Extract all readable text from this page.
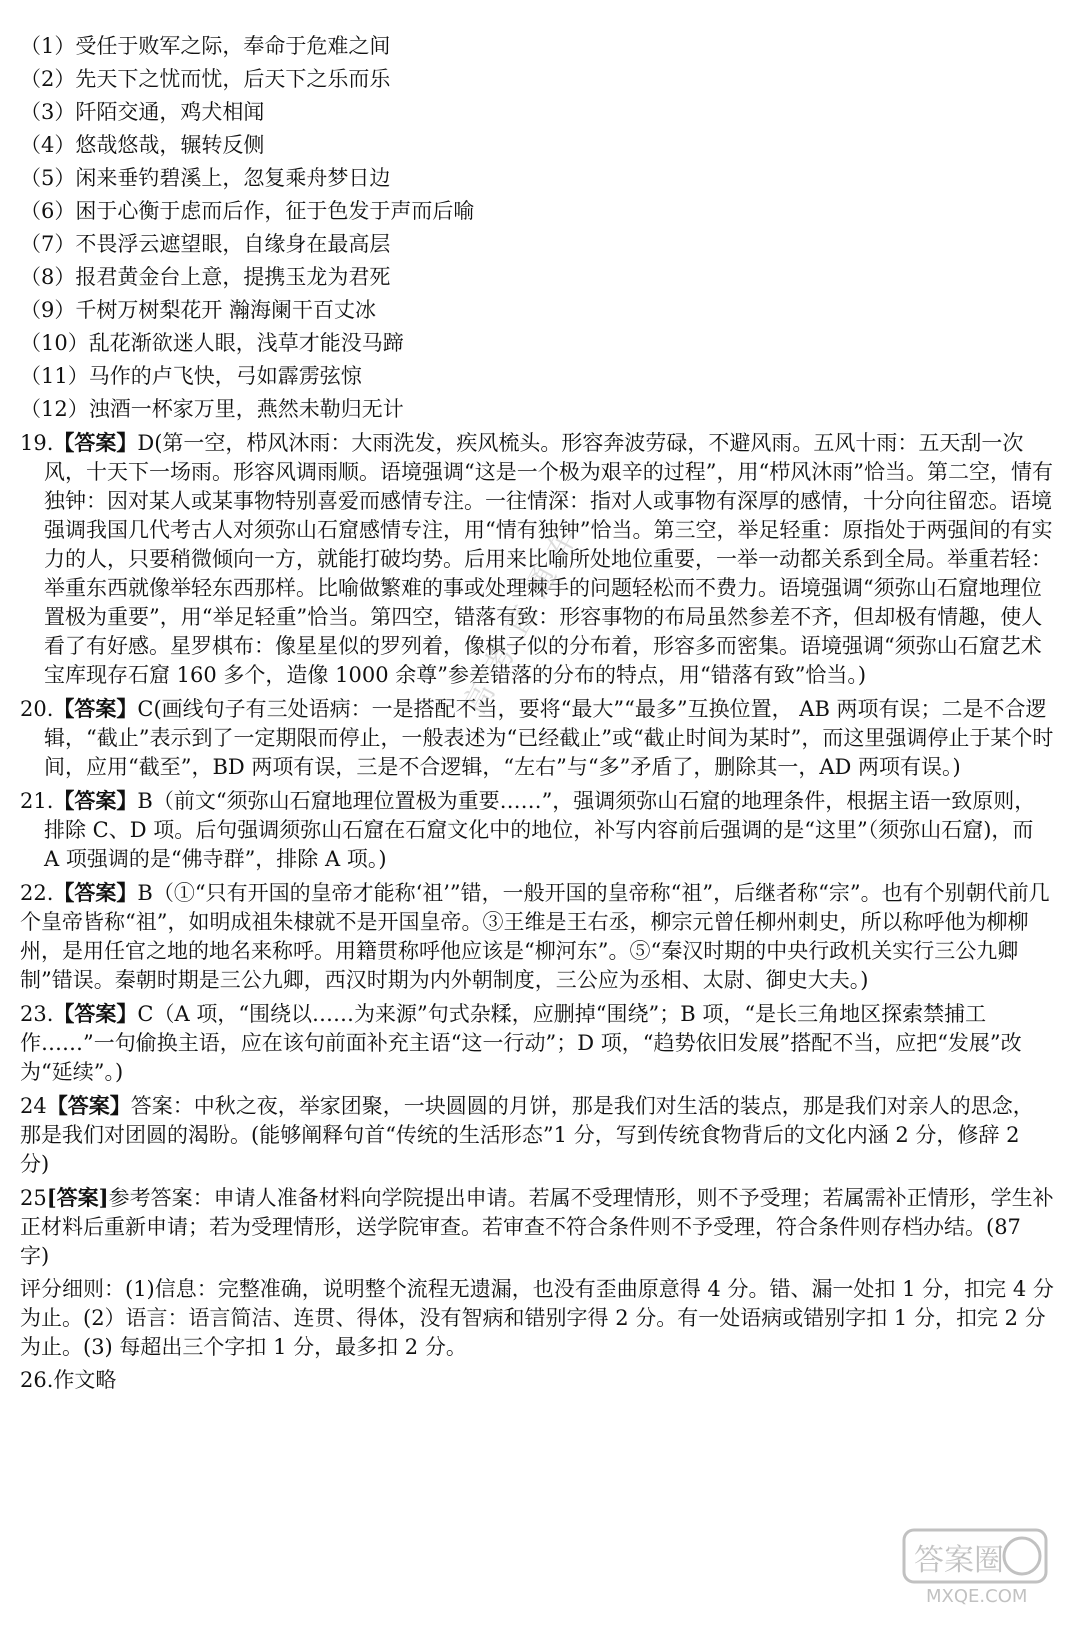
（1）受任于败军之际，奉命于危难之间
（2）先天下之忧而忧，后天下之乐而乐
（3）阡陌交通，鸡犬相闻
（4）悠哉悠哉，辗转反侧
（5）闲来垂钓碧溪上，忽复乘舟梦日边
（6）困于心衡于虑而后作，征于色发于声而后喻
（7）不畏浮云遮望眼，自缘身在最高层
（8）报君黄金台上意，提携玉龙为君死
（9）千树万树梨花开 瀚海阑干百丈冰
（10）乱花渐欲迷人眼，浅草才能没马蹄
（11）马作的卢飞快，弓如霹雳弦惊
（12）浊酒一杯家万里，燕然未勒归无计
19.【答案】D(第一空，栉风沐雨：大雨洗发，疾风梳头。形容奔波劳碌，不避风雨。五风十雨：五天刮一次风，十天下一场雨。形容风调雨顺。语境强调“这是一个极为艰辛的过程”，用“栉风沐雨”恰当。第二空，情有独钟：因对某人或某事物特别喜爱而感情专注。一往情深：指对人或事物有深厚的感情，十分向往留恋。语境强调我国几代考古人对须弥山石窟感情专注，用“情有独钟”恰当。第三空，举足轻重：原指处于两强间的有实力的人，只要稍微倾向一方，就能打破均势。后用来比喻所处地位重要，一举一动都关系到全局。举重若轻：举重东西就像举轻东西那样。比喻做繁难的事或处理棘手的问题轻松而不费力。语境强调“须弥山石窟地理位置极为重要”，用“举足轻重”恰当。第四空，错落有致：形容事物的布局虽然参差不齐，但却极有情趣，使人看了有好感。星罗棋布：像星星似的罗列着，像棋子似的分布着，形容多而密集。语境强调“须弥山石窟艺术宝库现存石窟 160 多个，造像 1000 余尊”参差错落的分布的特点，用“错落有致”恰当。)
20.【答案】C(画线句子有三处语病：一是搭配不当，要将“最大”“最多”互换位置， AB 两项有误；二是不合逻辑，“截止”表示到了一定期限而停止，一般表述为“已经截止”或“截止时间为某时”，而这里强调停止于某个时间，应用“截至”，BD 两项有误，三是不合逻辑，“左右”与“多”矛盾了，删除其一，AD 两项有误。)
21.【答案】B（前文“须弥山石窟地理位置极为重要……”，强调须弥山石窟的地理条件，根据主语一致原则，排除 C、D 项。后句强调须弥山石窟在石窟文化中的地位，补写内容前后强调的是“这里”（须弥山石窟)，而 A 项强调的是“佛寺群”，排除 A 项。)
22.【答案】B（①“只有开国的皇帝才能称‘祖’”错，一般开国的皇帝称“祖”，后继者称“宗”。也有个别朝代前几个皇帝皆称“祖”，如明成祖朱棣就不是开国皇帝。③王维是王右丞，柳宗元曾任柳州刺史，所以称呼他为柳柳州，是用任官之地的地名来称呼。用籍贯称呼他应该是“柳河东”。⑤“秦汉时期的中央行政机关实行三公九卿制”错误。秦朝时期是三公九卿，西汉时期为内外朝制度，三公应为丞相、太尉、御史大夫。)
23.【答案】C（A 项，“围绕以……为来源”句式杂糅，应删掉“围绕”；B 项，“是长三角地区探索禁捕工作……”一句偷换主语，应在该句前面补充主语“这一行动”；D 项，“趋势依旧发展”搭配不当，应把“发展”改为“延续”。)
24【答案】答案：中秋之夜，举家团聚，一块圆圆的月饼，那是我们对生活的装点，那是我们对亲人的思念，那是我们对团圆的渴盼。(能够阐释句首“传统的生活形态”1 分，写到传统食物背后的文化内涵 2 分，修辞 2 分)
25[答案]参考答案：申请人准备材料向学院提出申请。若属不受理情形，则不予受理；若属需补正情形，学生补正材料后重新申请；若为受理情形，送学院审查。若审查不符合条件则不予受理，符合条件则存档办结。(87 字)
评分细则：(1)信息：完整准确，说明整个流程无遗漏，也没有歪曲原意得 4 分。错、漏一处扣 1 分，扣完 4 分为止。(2）语言：语言简洁、连贯、得体，没有智病和错别字得 2 分。有一处语病或错别字扣 1 分，扣完 2 分为止。(3) 每超出三个字扣 1 分，最多扣 2 分。
26.作文略
高考直通车
答案圈
MXQE.COM
